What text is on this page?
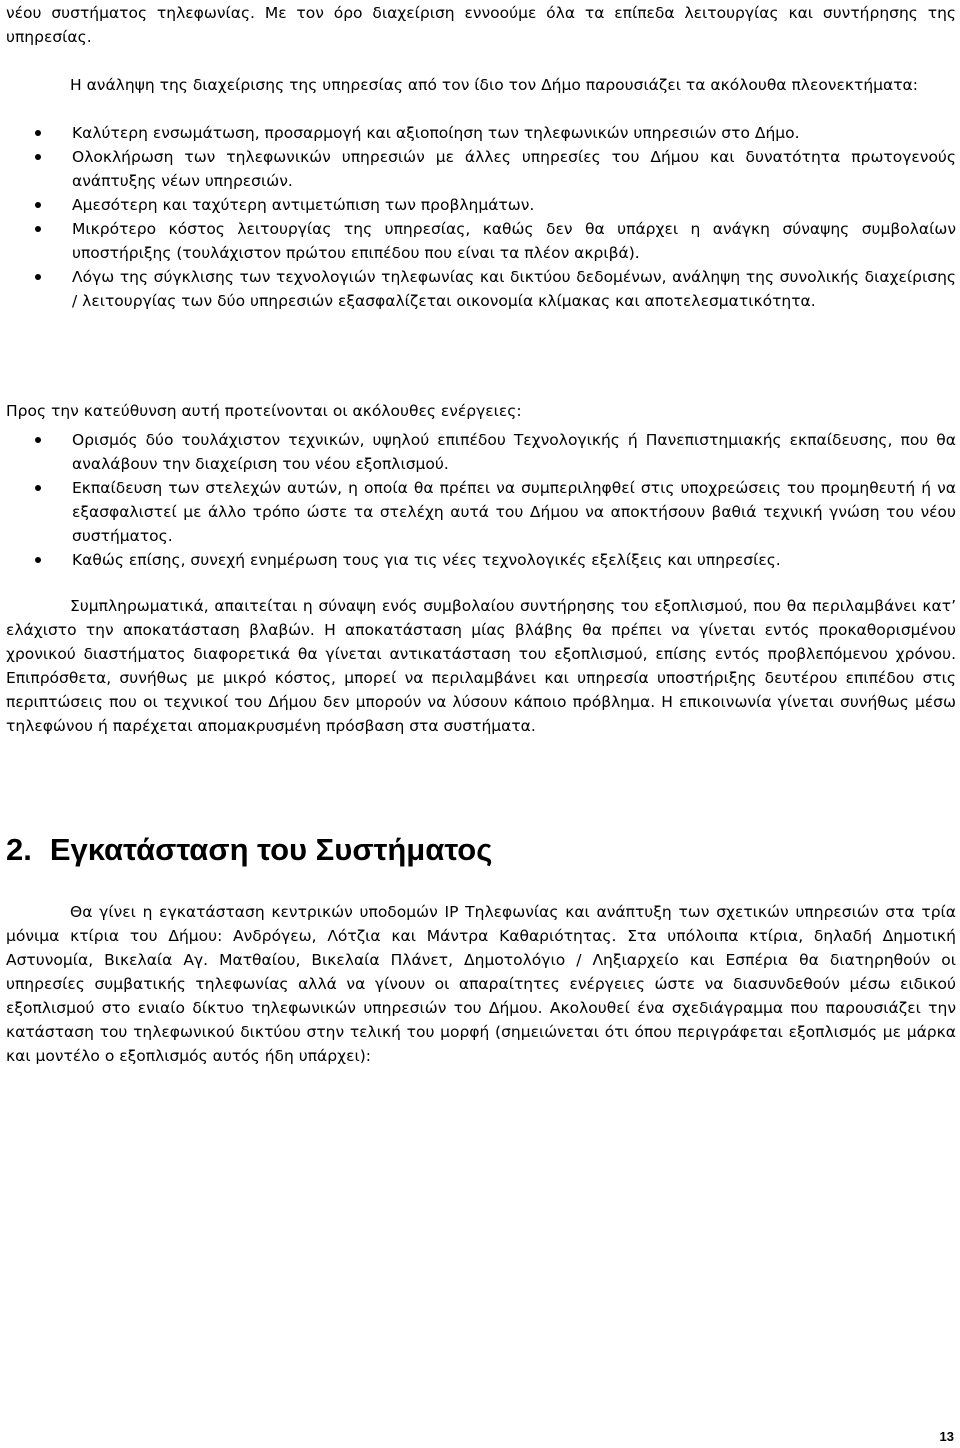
νέου συστήματος τηλεφωνίας. Με τον όρο διαχείριση εννοούμε όλα τα επίπεδα λειτουργίας και συντήρησης της υπηρεσίας.

Η ανάληψη της διαχείρισης της υπηρεσίας από τον ίδιο τον Δήμο παρουσιάζει τα ακόλουθα πλεονεκτήματα:

Καλύτερη ενσωμάτωση, προσαρμογή και αξιοποίηση των τηλεφωνικών υπηρεσιών στο Δήμο.
Ολοκλήρωση των τηλεφωνικών υπηρεσιών με άλλες υπηρεσίες του Δήμου και δυνατότητα πρωτογενούς ανάπτυξης νέων υπηρεσιών.
Αμεσότερη και ταχύτερη αντιμετώπιση των προβλημάτων.
Μικρότερο κόστος λειτουργίας της υπηρεσίας, καθώς δεν θα υπάρχει η ανάγκη σύναψης συμβολαίων υποστήριξης (τουλάχιστον πρώτου επιπέδου που είναι τα πλέον ακριβά).
Λόγω της σύγκλισης των τεχνολογιών τηλεφωνίας και δικτύου δεδομένων, ανάληψη της συνολικής διαχείρισης / λειτουργίας των δύο υπηρεσιών εξασφαλίζεται οικονομία κλίμακας και αποτελεσματικότητα.

Προς την κατεύθυνση αυτή προτείνονται οι ακόλουθες ενέργειες:

Ορισμός δύο τουλάχιστον τεχνικών, υψηλού επιπέδου Τεχνολογικής ή Πανεπιστημιακής εκπαίδευσης, που θα αναλάβουν την διαχείριση του νέου εξοπλισμού.
Εκπαίδευση των στελεχών αυτών, η οποία θα πρέπει να συμπεριληφθεί στις υποχρεώσεις του προμηθευτή ή να εξασφαλιστεί με άλλο τρόπο ώστε τα στελέχη αυτά του Δήμου να αποκτήσουν βαθιά τεχνική γνώση του νέου συστήματος.
Καθώς επίσης, συνεχή ενημέρωση τους για τις νέες τεχνολογικές εξελίξεις και υπηρεσίες.

Συμπληρωματικά, απαιτείται η σύναψη ενός συμβολαίου συντήρησης του εξοπλισμού, που θα περιλαμβάνει κατ’ ελάχιστο την αποκατάσταση βλαβών. Η αποκατάσταση μίας βλάβης θα πρέπει να γίνεται εντός προκαθορισμένου χρονικού διαστήματος διαφορετικά θα γίνεται αντικατάσταση του εξοπλισμού, επίσης εντός προβλεπόμενου χρόνου. Επιπρόσθετα, συνήθως με μικρό κόστος, μπορεί να περιλαμβάνει και υπηρεσία υποστήριξης δευτέρου επιπέδου στις περιπτώσεις που οι τεχνικοί του Δήμου δεν μπορούν να λύσουν κάποιο πρόβλημα. Η επικοινωνία γίνεται συνήθως μέσω τηλεφώνου ή παρέχεται απομακρυσμένη πρόσβαση στα συστήματα.

2. Εγκατάσταση του Συστήματος

Θα γίνει η εγκατάσταση κεντρικών υποδομών IP Τηλεφωνίας και ανάπτυξη των σχετικών υπηρεσιών στα τρία μόνιμα κτίρια του Δήμου: Ανδρόγεω, Λότζια και Μάντρα Καθαριότητας. Στα υπόλοιπα κτίρια, δηλαδή Δημοτική Αστυνομία, Βικελαία Αγ. Ματθαίου, Βικελαία Πλάνετ, Δημοτολόγιο / Ληξιαρχείο και Εσπέρια θα διατηρηθούν οι υπηρεσίες συμβατικής τηλεφωνίας αλλά να γίνουν οι απαραίτητες ενέργειες ώστε να διασυνδεθούν μέσω ειδικού εξοπλισμού στο ενιαίο δίκτυο τηλεφωνικών υπηρεσιών του Δήμου. Ακολουθεί ένα σχεδιάγραμμα που παρουσιάζει την κατάσταση του τηλεφωνικού δικτύου στην τελική του μορφή (σημειώνεται ότι όπου περιγράφεται εξοπλισμός με μάρκα και μοντέλο ο εξοπλισμός αυτός ήδη υπάρχει):

13
